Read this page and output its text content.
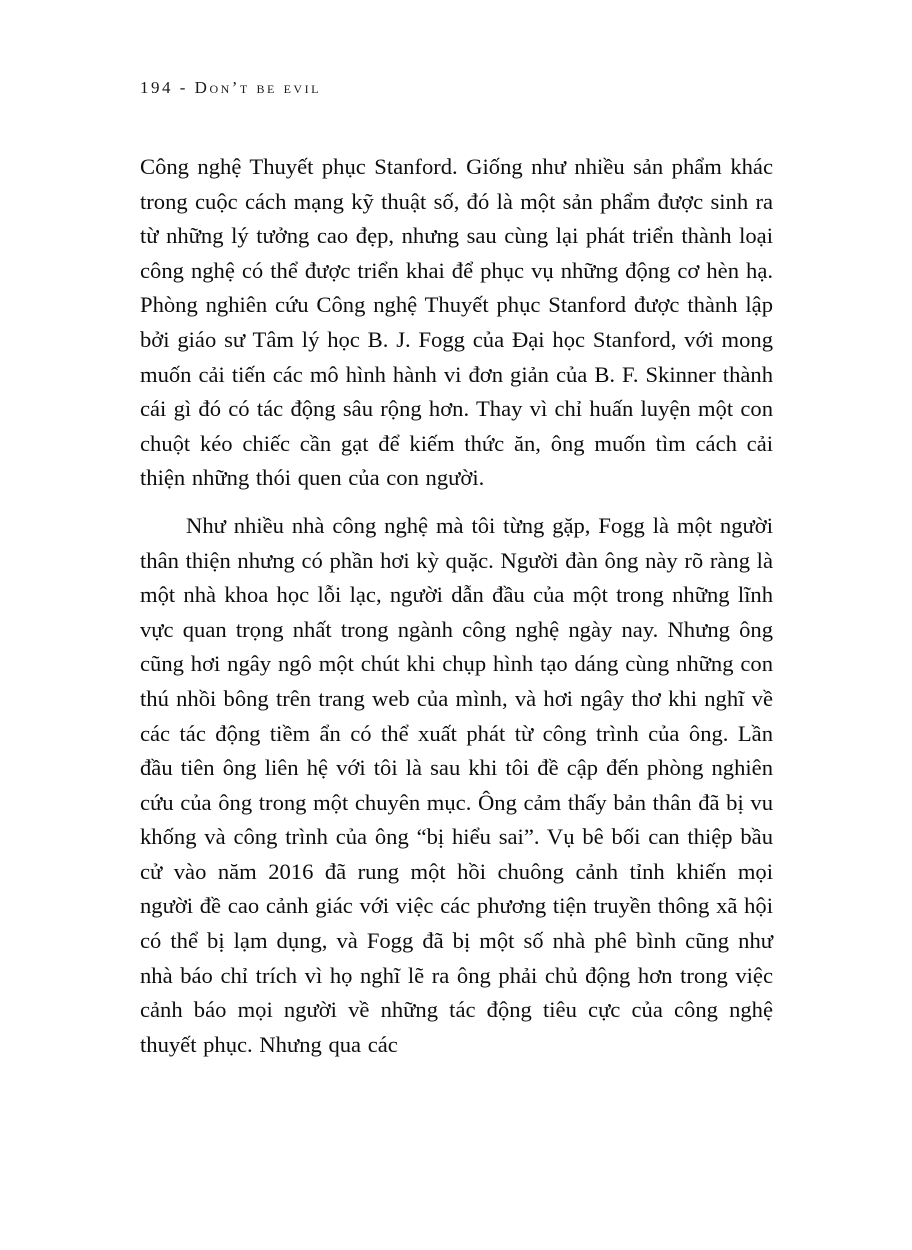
194 - Don’t be evil

Công nghệ Thuyết phục Stanford. Giống như nhiều sản phẩm khác trong cuộc cách mạng kỹ thuật số, đó là một sản phẩm được sinh ra từ những lý tưởng cao đẹp, nhưng sau cùng lại phát triển thành loại công nghệ có thể được triển khai để phục vụ những động cơ hèn hạ. Phòng nghiên cứu Công nghệ Thuyết phục Stanford được thành lập bởi giáo sư Tâm lý học B. J. Fogg của Đại học Stanford, với mong muốn cải tiến các mô hình hành vi đơn giản của B. F. Skinner thành cái gì đó có tác động sâu rộng hơn. Thay vì chỉ huấn luyện một con chuột kéo chiếc cần gạt để kiếm thức ăn, ông muốn tìm cách cải thiện những thói quen của con người.

Như nhiều nhà công nghệ mà tôi từng gặp, Fogg là một người thân thiện nhưng có phần hơi kỳ quặc. Người đàn ông này rõ ràng là một nhà khoa học lỗi lạc, người dẫn đầu của một trong những lĩnh vực quan trọng nhất trong ngành công nghệ ngày nay. Nhưng ông cũng hơi ngây ngô một chút khi chụp hình tạo dáng cùng những con thú nhồi bông trên trang web của mình, và hơi ngây thơ khi nghĩ về các tác động tiềm ẩn có thể xuất phát từ công trình của ông. Lần đầu tiên ông liên hệ với tôi là sau khi tôi đề cập đến phòng nghiên cứu của ông trong một chuyên mục. Ông cảm thấy bản thân đã bị vu khống và công trình của ông “bị hiểu sai”. Vụ bê bối can thiệp bầu cử vào năm 2016 đã rung một hồi chuông cảnh tỉnh khiến mọi người đề cao cảnh giác với việc các phương tiện truyền thông xã hội có thể bị lạm dụng, và Fogg đã bị một số nhà phê bình cũng như nhà báo chỉ trích vì họ nghĩ lẽ ra ông phải chủ động hơn trong việc cảnh báo mọi người về những tác động tiêu cực của công nghệ thuyết phục. Nhưng qua các
